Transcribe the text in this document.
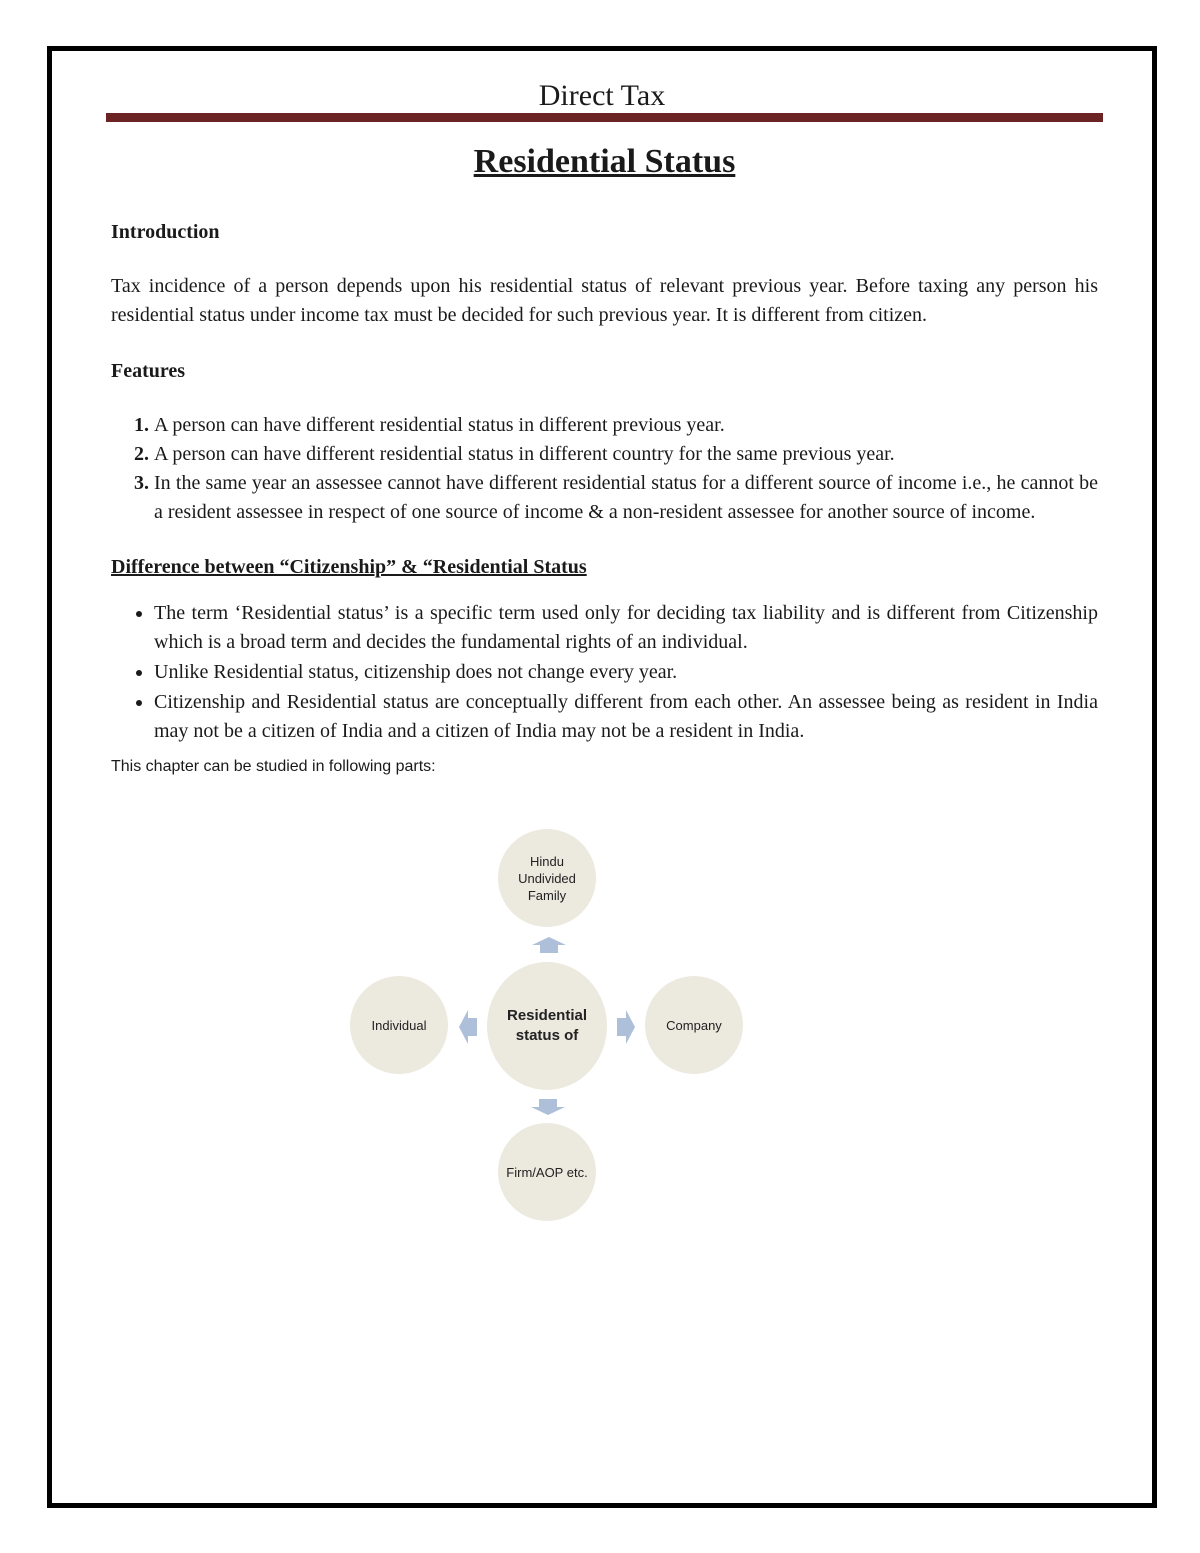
Direct Tax
Residential Status

Introduction

Tax incidence of a person depends upon his residential status of relevant previous year. Before taxing any person his residential status under income tax must be decided for such previous year. It is different from citizen.

Features

1. A person can have different residential status in different previous year.
2. A person can have different residential status in different country for the same previous year.
3. In the same year an assessee cannot have different residential status for a different source of income i.e., he cannot be a resident assessee in respect of one source of income & a non-resident assessee for another source of income.

Difference between “Citizenship” & “Residential Status

• The term ‘Residential status’ is a specific term used only for deciding tax liability and is different from Citizenship which is a broad term and decides the fundamental rights of an individual.
• Unlike Residential status, citizenship does not change every year.
• Citizenship and Residential status are conceptually different from each other. An assessee being as resident in India may not be a citizen of India and a citizen of India may not be a resident in India.

This chapter can be studied in following parts:

Hindu Undivided Family
Residential status of
Individual	Company
Firm/AOP etc.
